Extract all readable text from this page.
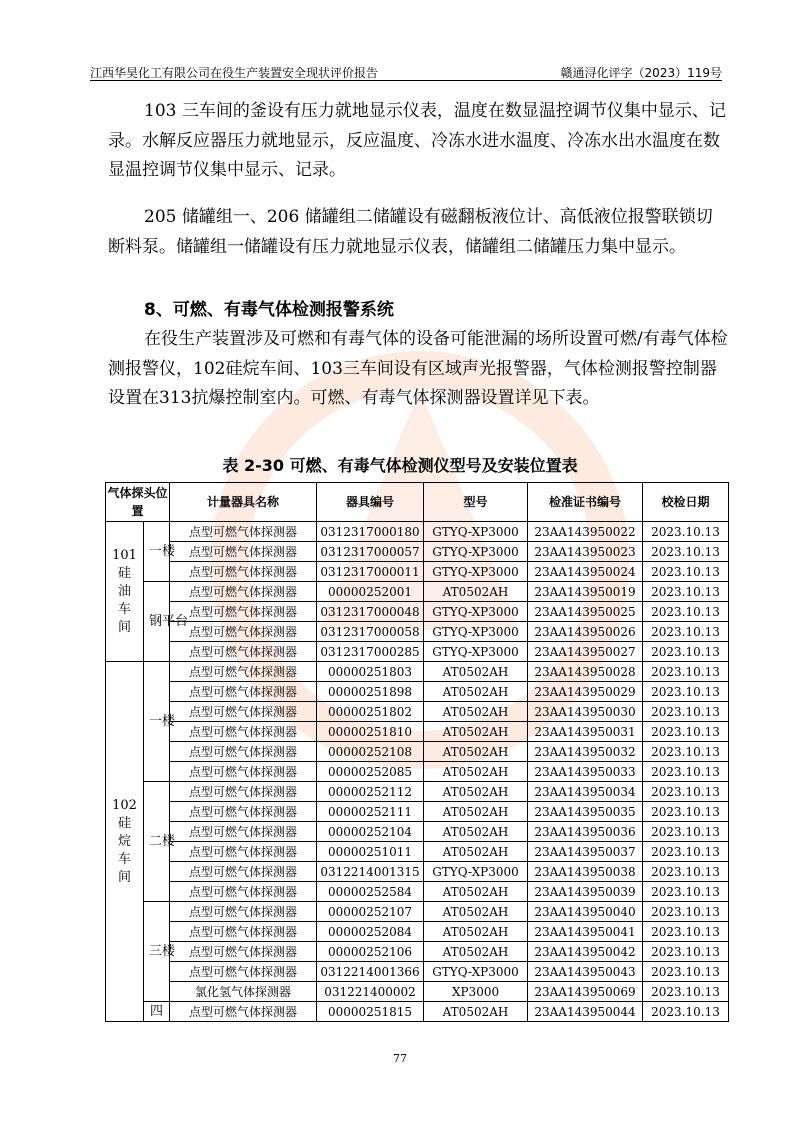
江西华昊化工有限公司在役生产装置安全现状评价报告	赣通浔化评字（2023）119号

103 三车间的釜设有压力就地显示仪表，温度在数显温控调节仪集中显示、记录。水解反应器压力就地显示，反应温度、冷冻水进水温度、冷冻水出水温度在数显温控调节仪集中显示、记录。

205 储罐组一、206 储罐组二储罐设有磁翻板液位计、高低液位报警联锁切断料泵。储罐组一储罐设有压力就地显示仪表，储罐组二储罐压力集中显示。

8、可燃、有毒气体检测报警系统

在役生产装置涉及可燃和有毒气体的设备可能泄漏的场所设置可燃/有毒气体检测报警仪，102硅烷车间、103三车间设有区域声光报警器，气体检测报警控制器设置在313抗爆控制室内。可燃、有毒气体探测器设置详见下表。

表 2-30 可燃、有毒气体检测仪型号及安装位置表
气体探头位置		计量器具名称	器具编号	型号	检准证书编号	校检日期

101
硅
油
车
间	一楼	点型可燃气体探测器	0312317000180	GTYQ-XP3000	23AA143950022	2023.10.13
		点型可燃气体探测器	0312317000057	GTYQ-XP3000	23AA143950023	2023.10.13
		点型可燃气体探测器	0312317000011	GTYQ-XP3000	23AA143950024	2023.10.13
	钢平台	点型可燃气体探测器	00000252001	AT0502AH	23AA143950019	2023.10.13
		点型可燃气体探测器	0312317000048	GTYQ-XP3000	23AA143950025	2023.10.13
		点型可燃气体探测器	0312317000058	GTYQ-XP3000	23AA143950026	2023.10.13
		点型可燃气体探测器	0312317000285	GTYQ-XP3000	23AA143950027	2023.10.13

102
硅
烷
车
间	一楼	点型可燃气体探测器	00000251803	AT0502AH	23AA143950028	2023.10.13
		点型可燃气体探测器	00000251898	AT0502AH	23AA143950029	2023.10.13
		点型可燃气体探测器	00000251802	AT0502AH	23AA143950030	2023.10.13
		点型可燃气体探测器	00000251810	AT0502AH	23AA143950031	2023.10.13
		点型可燃气体探测器	00000252108	AT0502AH	23AA143950032	2023.10.13
		点型可燃气体探测器	00000252085	AT0502AH	23AA143950033	2023.10.13
	二楼	点型可燃气体探测器	00000252112	AT0502AH	23AA143950034	2023.10.13
		点型可燃气体探测器	00000252111	AT0502AH	23AA143950035	2023.10.13
		点型可燃气体探测器	00000252104	AT0502AH	23AA143950036	2023.10.13
		点型可燃气体探测器	00000251011	AT0502AH	23AA143950037	2023.10.13
		点型可燃气体探测器	0312214001315	GTYQ-XP3000	23AA143950038	2023.10.13
		点型可燃气体探测器	00000252584	AT0502AH	23AA143950039	2023.10.13
	三楼	点型可燃气体探测器	00000252107	AT0502AH	23AA143950040	2023.10.13
		点型可燃气体探测器	00000252084	AT0502AH	23AA143950041	2023.10.13
		点型可燃气体探测器	00000252106	AT0502AH	23AA143950042	2023.10.13
		点型可燃气体探测器	0312214001366	GTYQ-XP3000	23AA143950043	2023.10.13
		氯化氢气体探测器	031221400002	XP3000	23AA143950069	2023.10.13
	四	点型可燃气体探测器	00000251815	AT0502AH	23AA143950044	2023.10.13
77
